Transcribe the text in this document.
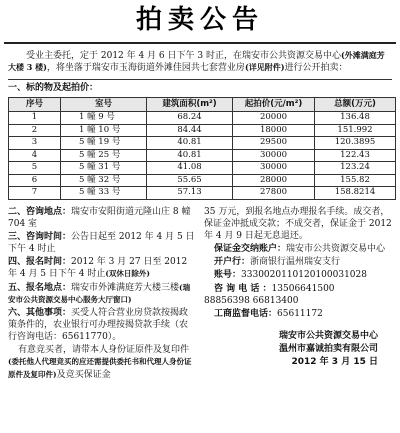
拍卖公告

受业主委托，定于 2012 年 4 月 6 日下午 3 时正，在瑞安市公共资源交易中心(外滩满庭芳大楼 3 楼)，将坐落于瑞安市玉海街道外滩佳园共七套营业房(详见附件)进行公开拍卖：

一、标的物及起拍价：
序号	室号	建筑面积(m²)	起拍价(元/m²)	总额(万元)
1	1 幢 9 号	68.24	20000	136.48
2	1 幢 10 号	84.44	18000	151.992
3	5 幢 19 号	40.81	29500	120.3895
4	5 幢 25 号	40.81	30000	122.43
5	5 幢 31 号	41.08	30000	123.24
6	5 幢 32 号	55.65	28000	155.82
7	5 幢 33 号	57.13	27800	158.8214

二、咨询地点：瑞安市安阳街道元隆山庄 8 幢 704 室

三、咨询时间：公告日起至 2012 年 4 月 5 日下午 4 时止

四、报名时间：2012 年 3 月 27 日至 2012 年 4 月 5 日下午 4 时止(双休日除外)

五、报名地点：瑞安市外滩满庭芳大楼三楼(瑞安市公共资源交易中心服务大厅窗口)

六、其他事项：买受人符合营业房贷款按揭政策条件的，农业银行可办理按揭贷款手续（农行咨询电话：65611770）。

有意竞买者，请带本人身份证原件及复印件(委托他人代理竞买的应还需提供委托书和代理人身份证原件及复印件)及竞买保证金

35 万元，到报名地点办理报名手续。成交者，保证金冲抵成交款；不成交者，保证金于 2012 年 4 月 9 日起无息退还。

保证金交纳账户：瑞安市公共资源交易中心

开户行：浙商银行温州瑞安支行

账号：3330020110120100031028

咨 询 电 话 ：13506641500　 88856398 66813400

工商监督电话：65611172

瑞安市公共资源交易中心
温州市嘉诚拍卖有限公司
2012 年 3 月 15 日
